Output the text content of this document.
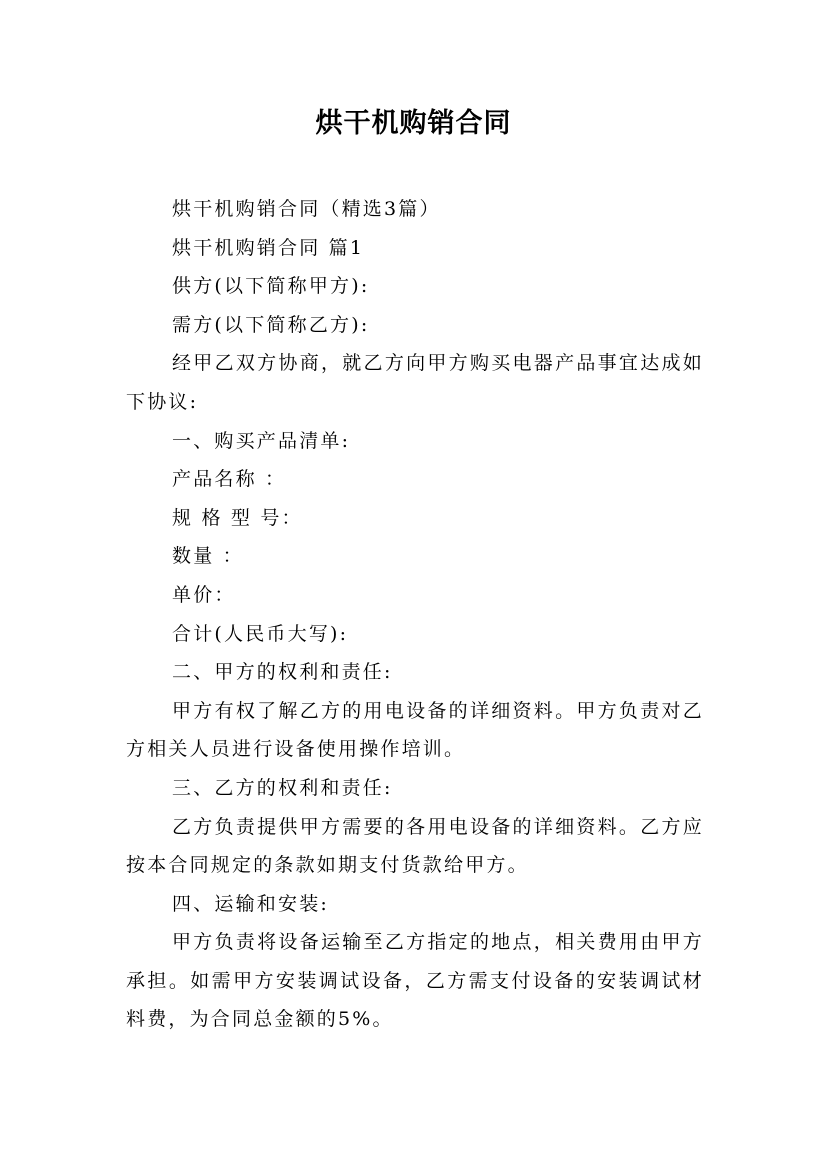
烘干机购销合同

烘干机购销合同（精选3篇）

烘干机购销合同 篇1

供方(以下简称甲方):

需方(以下简称乙方):

经甲乙双方协商，就乙方向甲方购买电器产品事宜达成如下协议:

一、购买产品清单:

产品名称 ：

规 格 型 号：

数量 ：

单价：

合计(人民币大写):

二、甲方的权利和责任:

甲方有权了解乙方的用电设备的详细资料。甲方负责对乙方相关人员进行设备使用操作培训。

三、乙方的权利和责任:

乙方负责提供甲方需要的各用电设备的详细资料。乙方应按本合同规定的条款如期支付货款给甲方。

四、运输和安装:

甲方负责将设备运输至乙方指定的地点，相关费用由甲方承担。如需甲方安装调试设备，乙方需支付设备的安装调试材料费，为合同总金额的5%。
